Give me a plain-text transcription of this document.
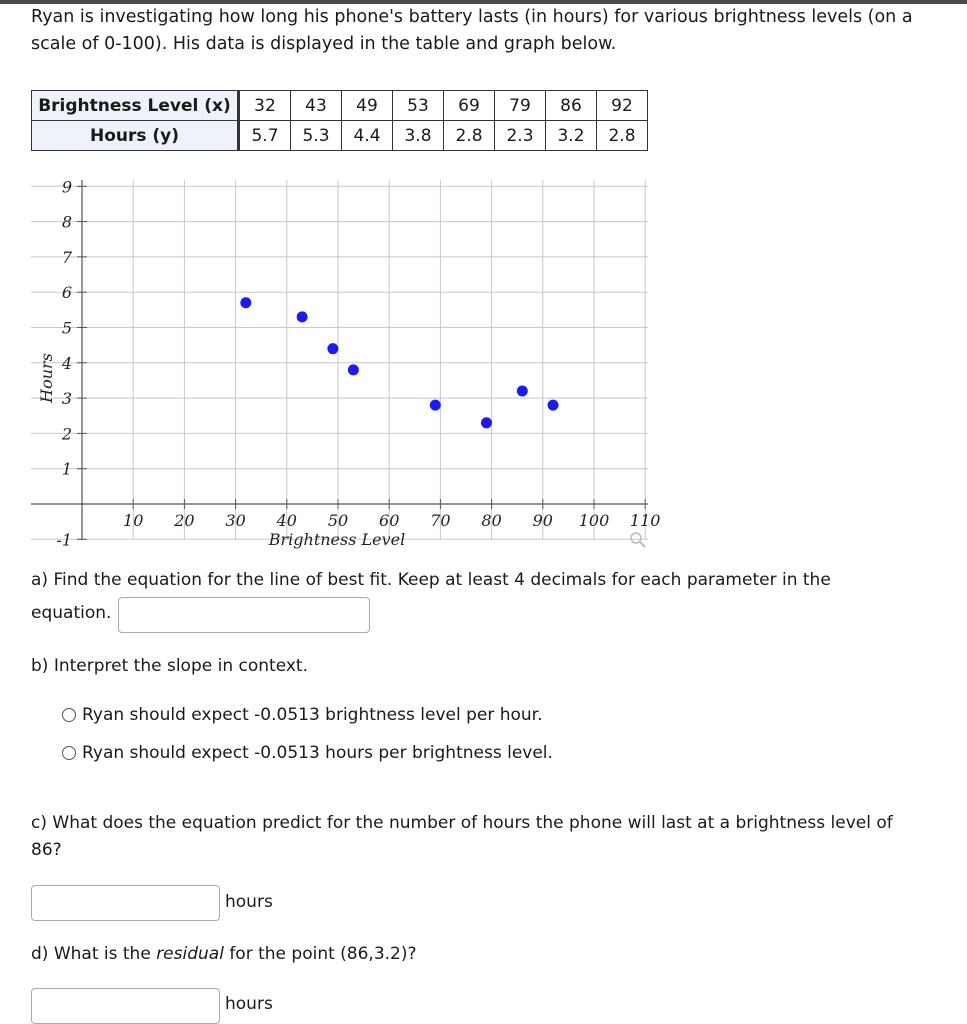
Ryan is investigating how long his phone's battery lasts (in hours) for various brightness levels (on a scale of 0-100). His data is displayed in the table and graph below.
Brightness Level (x)	32	43	49	53	69	79	86	92
Hours (y)	5.7	5.3	4.4	3.8	2.8	2.3	3.2	2.8
10 20 30 40 50 60 70 80 90 100 110
9
8
7
6
5
4
3
2
1
-1	Brightness Level
Hours
a) Find the equation for the line of best fit. Keep at least 4 decimals for each parameter in the equation.
b) Interpret the slope in context.
Ryan should expect -0.0513 brightness level per hour.
Ryan should expect -0.0513 hours per brightness level.
c) What does the equation predict for the number of hours the phone will last at a brightness level of 86?
hours
d) What is the residual for the point (86,3.2)?
hours
